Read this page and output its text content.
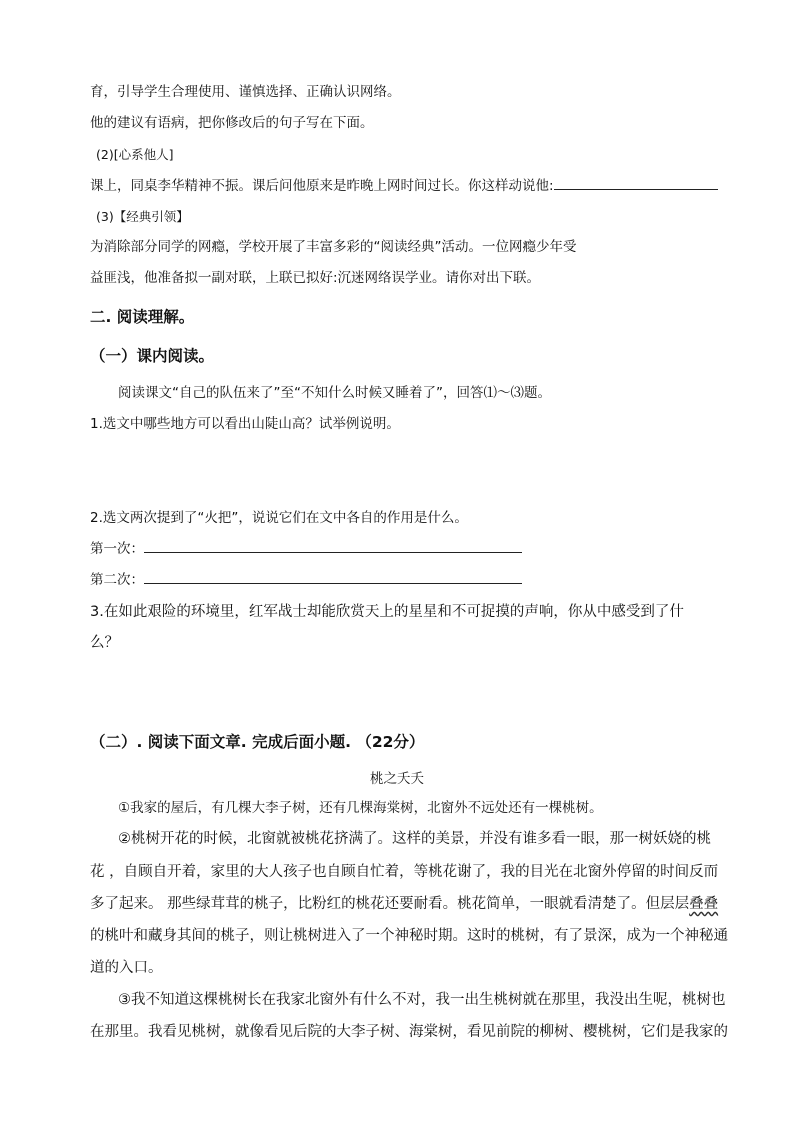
育，引导学生合理使用、谨慎选择、正确认识网络。
他的建议有语病，把你修改后的句子写在下面。
(2)[心系他人]
课上，同桌李华精神不振。课后问他原来是昨晚上网时间过长。你这样动说他:
(3)【经典引领】
为消除部分同学的网瘾，学校开展了丰富多彩的“阅读经典”活动。一位网瘾少年受
益匪浅，他准备拟一副对联，上联已拟好:沉迷网络误学业。请你对出下联。
二. 阅读理解。
（一）课内阅读。
阅读课文“自己的队伍来了”至“不知什么时候又睡着了”，回答⑴～⑶题。
1.选文中哪些地方可以看出山陡山高？试举例说明。
2.选文两次提到了“火把”，说说它们在文中各自的作用是什么。
第一次：
第二次：
3.在如此艰险的环境里，红军战士却能欣赏天上的星星和不可捉摸的声响，你从中感受到了什
么？
（二）. 阅读下面文章. 完成后面小题. （22分）
桃之夭夭
①我家的屋后，有几棵大李子树，还有几棵海棠树，北窗外不远处还有一棵桃树。
②桃树开花的时候，北窗就被桃花挤满了。这样的美景，并没有谁多看一眼，那一树妖娆的桃
花 ，自顾自开着，家里的大人孩子也自顾自忙着，等桃花谢了，我的目光在北窗外停留的时间反而
多了起来。 那些绿茸茸的桃子，比粉红的桃花还要耐看。桃花简单，一眼就看清楚了。但层层叠叠
的桃叶和藏身其间的桃子，则让桃树进入了一个神秘时期。这时的桃树，有了景深，成为一个神秘通
道的入口。
③我不知道这棵桃树长在我家北窗外有什么不对，我一出生桃树就在那里，我没出生呢，桃树也
在那里。我看见桃树，就像看见后院的大李子树、海棠树，看见前院的柳树、樱桃树，它们是我家的
